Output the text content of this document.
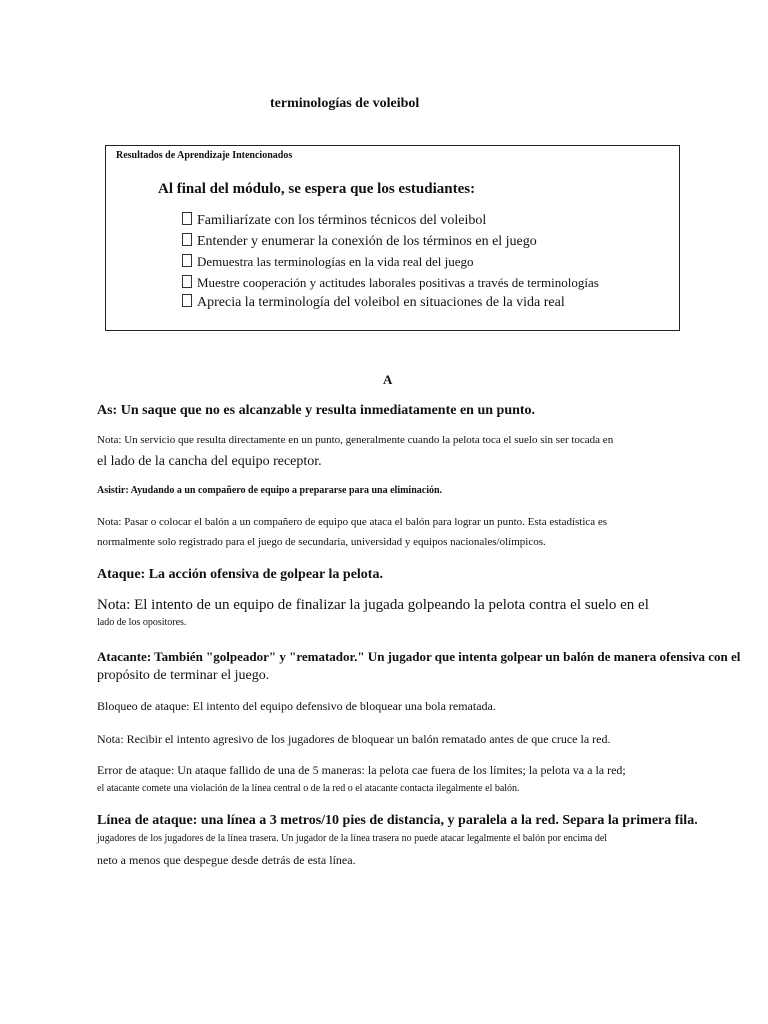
terminologías de voleibol
Resultados de Aprendizaje Intencionados
Al final del módulo, se espera que los estudiantes:
Familiarízate con los términos técnicos del voleibol
Entender y enumerar la conexión de los términos en el juego
Demuestra las terminologías en la vida real del juego
Muestre cooperación y actitudes laborales positivas a través de terminologías
Aprecia la terminología del voleibol en situaciones de la vida real
A
As: Un saque que no es alcanzable y resulta inmediatamente en un punto.
Nota: Un servicio que resulta directamente en un punto, generalmente cuando la pelota toca el suelo sin ser tocada en
el lado de la cancha del equipo receptor.
Asistir: Ayudando a un compañero de equipo a prepararse para una eliminación.
Nota: Pasar o colocar el balón a un compañero de equipo que ataca el balón para lograr un punto. Esta estadística es
normalmente solo registrado para el juego de secundaria, universidad y equipos nacionales/olímpicos.
Ataque: La acción ofensiva de golpear la pelota.
Nota: El intento de un equipo de finalizar la jugada golpeando la pelota contra el suelo en el
lado de los opositores.
Atacante: También "golpeador" y "rematador." Un jugador que intenta golpear un balón de manera ofensiva con el
propósito de terminar el juego.
Bloqueo de ataque: El intento del equipo defensivo de bloquear una bola rematada.
Nota: Recibir el intento agresivo de los jugadores de bloquear un balón rematado antes de que cruce la red.
Error de ataque: Un ataque fallido de una de 5 maneras: la pelota cae fuera de los límites; la pelota va a la red;
el atacante comete una violación de la línea central o de la red o el atacante contacta ilegalmente el balón.
Línea de ataque: una línea a 3 metros/10 pies de distancia, y paralela a la red. Separa la primera fila.
jugadores de los jugadores de la línea trasera. Un jugador de la línea trasera no puede atacar legalmente el balón por encima del
neto a menos que despegue desde detrás de esta línea.
